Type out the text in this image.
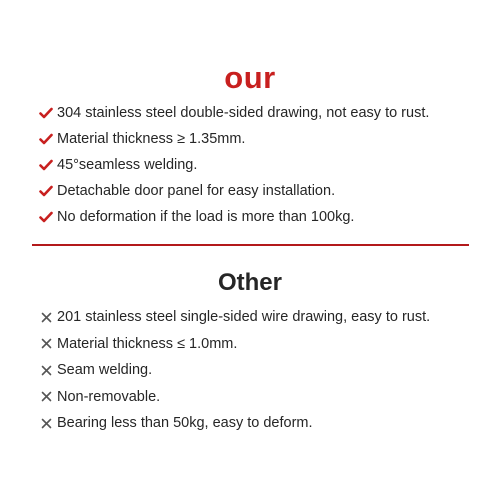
our
304 stainless steel double-sided drawing, not easy to rust.
Material thickness ≥ 1.35mm.
45°seamless welding.
Detachable door panel for easy installation.
No deformation if the load is more than 100kg.
Other
201 stainless steel single-sided wire drawing, easy to rust.
Material thickness ≤ 1.0mm.
Seam welding.
Non-removable.
Bearing less than 50kg, easy to deform.
